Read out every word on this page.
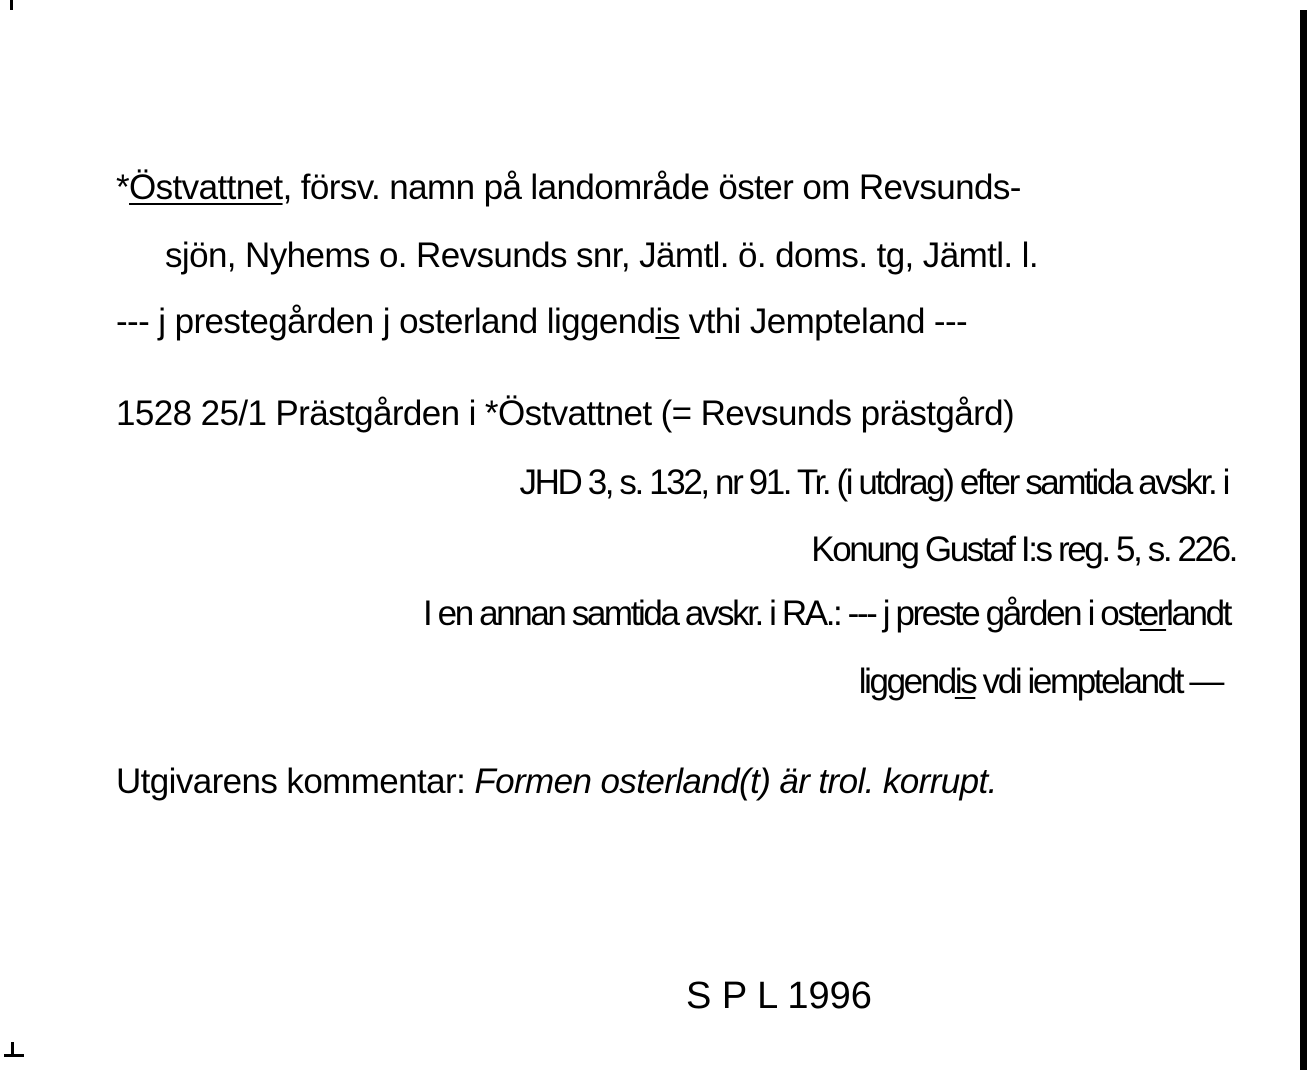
*Östvattnet, försv. namn på landområde öster om Revsunds-
sjön, Nyhems o. Revsunds snr, Jämtl. ö. doms. tg, Jämtl. l.
--- j prestegården j osterland liggendis vthi Jempteland ---
1528 25/1 Prästgården i *Östvattnet (= Revsunds prästgård)
JHD 3, s. 132, nr 91. Tr. (i utdrag) efter samtida avskr. i
Konung Gustaf I:s reg. 5, s. 226.
I en annan samtida avskr. i RA.: --- j preste gården i osterlandt
liggendis vdi iemptelandt —
Utgivarens kommentar: Formen osterland(t) är trol. korrupt.
S P L 1996
